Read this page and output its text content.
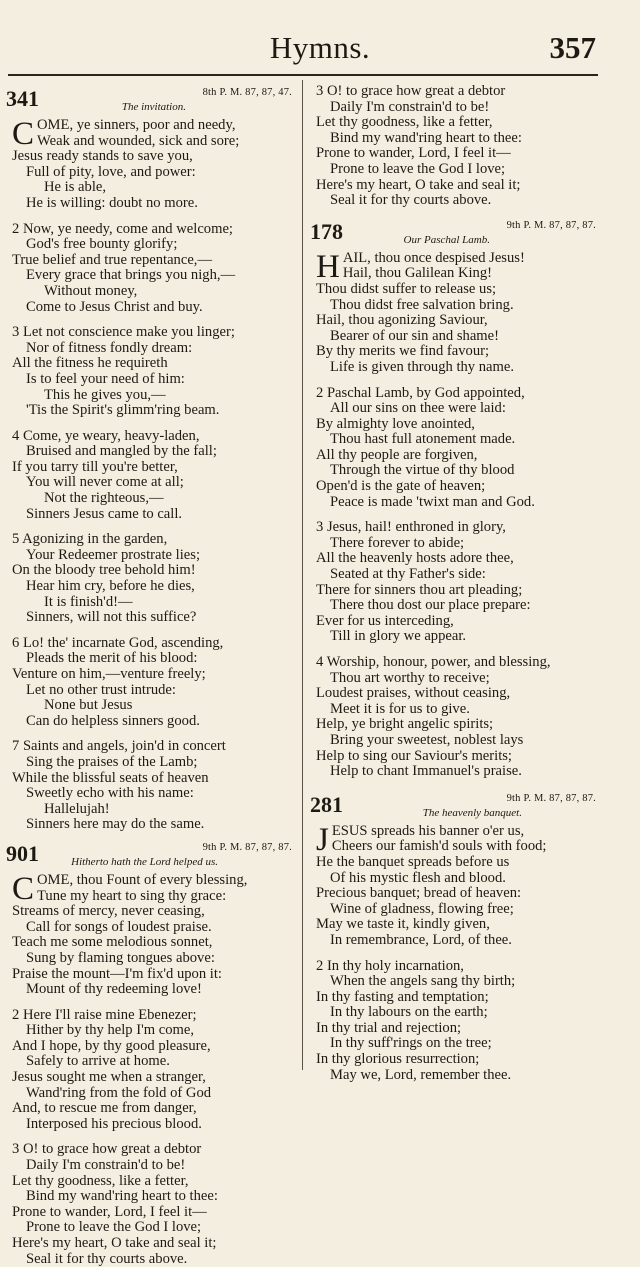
Hymns.	357
341	8th P. M. 87, 87, 47.
The invitation.
C OME, ye sinners, poor and needy,
Weak and wounded, sick and sore;
Jesus ready stands to save you,
Full of pity, love, and power:
He is able,
He is willing: doubt no more.
2 Now, ye needy, come and welcome;
God's free bounty glorify;
True belief and true repentance,—
Every grace that brings you nigh,—
Without money,
Come to Jesus Christ and buy.
3 Let not conscience make you linger;
Nor of fitness fondly dream:
All the fitness he requireth
Is to feel your need of him:
This he gives you,—
'Tis the Spirit's glimm'ring beam.
4 Come, ye weary, heavy-laden,
Bruised and mangled by the fall;
If you tarry till you're better,
You will never come at all;
Not the righteous,—
Sinners Jesus came to call.
5 Agonizing in the garden,
Your Redeemer prostrate lies;
On the bloody tree behold him!
Hear him cry, before he dies,
It is finish'd!—
Sinners, will not this suffice?
6 Lo! the' incarnate God, ascending,
Pleads the merit of his blood:
Venture on him,—venture freely;
Let no other trust intrude:
None but Jesus
Can do helpless sinners good.
7 Saints and angels, join'd in concert
Sing the praises of the Lamb;
While the blissful seats of heaven
Sweetly echo with his name:
Hallelujah!
Sinners here may do the same.
901	9th P. M. 87, 87, 87.
Hitherto hath the Lord helped us.
C OME, thou Fount of every blessing,
Tune my heart to sing thy grace:
Streams of mercy, never ceasing,
Call for songs of loudest praise.
Teach me some melodious sonnet,
Sung by flaming tongues above:
Praise the mount—I'm fix'd upon it:
Mount of thy redeeming love!
2 Here I'll raise mine Ebenezer;
Hither by thy help I'm come,
And I hope, by thy good pleasure,
Safely to arrive at home.
Jesus sought me when a stranger,
Wand'ring from the fold of God
And, to rescue me from danger,
Interposed his precious blood.
3 O! to grace how great a debtor
Daily I'm constrain'd to be!
Let thy goodness, like a fetter,
Bind my wand'ring heart to thee:
Prone to wander, Lord, I feel it—
Prone to leave the God I love;
Here's my heart, O take and seal it;
Seal it for thy courts above.
3 O! to grace how great a debtor
Daily I'm constrain'd to be!
Let thy goodness, like a fetter,
Bind my wand'ring heart to thee:
Prone to wander, Lord, I feel it—
Prone to leave the God I love;
Here's my heart, O take and seal it;
Seal it for thy courts above.
178	9th P. M. 87, 87, 87.
Our Paschal Lamb.
H AIL, thou once despised Jesus!
Hail, thou Galilean King!
Thou didst suffer to release us;
Thou didst free salvation bring.
Hail, thou agonizing Saviour,
Bearer of our sin and shame!
By thy merits we find favour;
Life is given through thy name.
2 Paschal Lamb, by God appointed,
All our sins on thee were laid:
By almighty love anointed,
Thou hast full atonement made.
All thy people are forgiven,
Through the virtue of thy blood
Open'd is the gate of heaven;
Peace is made 'twixt man and God.
3 Jesus, hail! enthroned in glory,
There forever to abide;
All the heavenly hosts adore thee,
Seated at thy Father's side:
There for sinners thou art pleading;
There thou dost our place prepare:
Ever for us interceding,
Till in glory we appear.
4 Worship, honour, power, and blessing,
Thou art worthy to receive;
Loudest praises, without ceasing,
Meet it is for us to give.
Help, ye bright angelic spirits;
Bring your sweetest, noblest lays
Help to sing our Saviour's merits;
Help to chant Immanuel's praise.
281	9th P. M. 87, 87, 87.
The heavenly banquet.
J ESUS spreads his banner o'er us,
Cheers our famish'd souls with food;
He the banquet spreads before us
Of his mystic flesh and blood.
Precious banquet; bread of heaven:
Wine of gladness, flowing free;
May we taste it, kindly given,
In remembrance, Lord, of thee.
2 In thy holy incarnation,
When the angels sang thy birth;
In thy fasting and temptation;
In thy labours on the earth;
In thy trial and rejection;
In thy suff'rings on the tree;
In thy glorious resurrection;
May we, Lord, remember thee.
